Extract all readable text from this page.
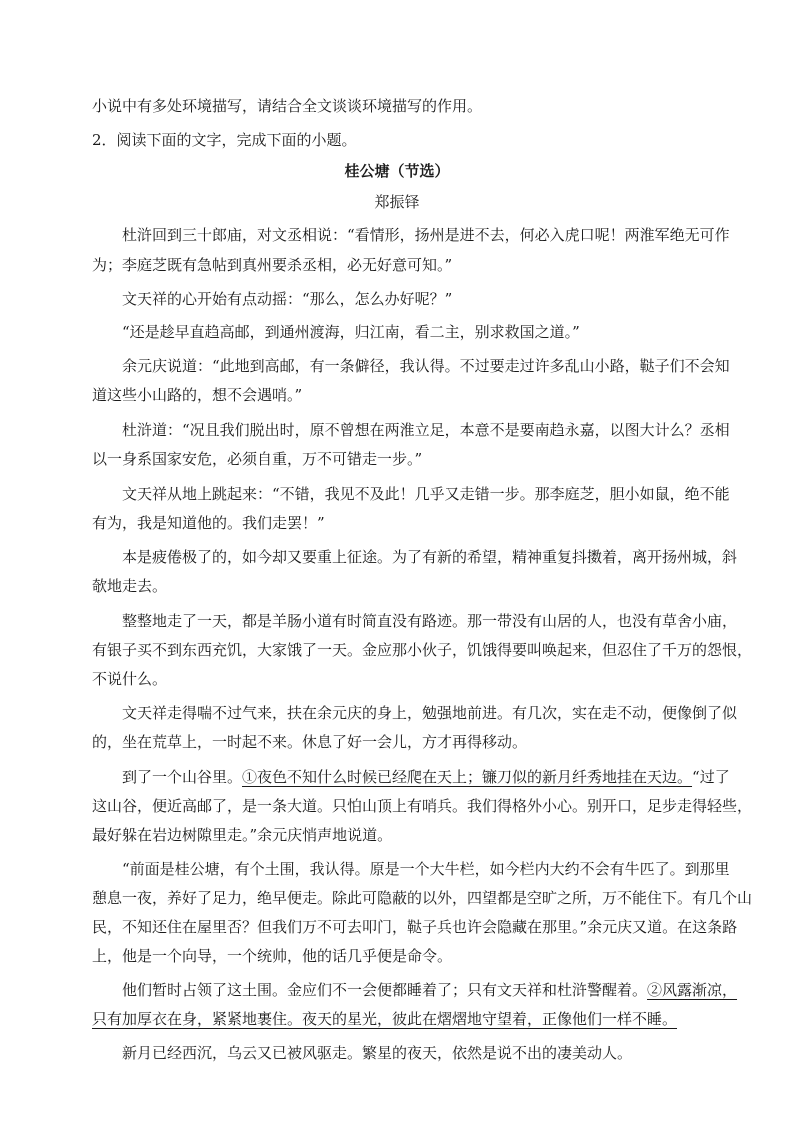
小说中有多处环境描写，请结合全文谈谈环境描写的作用。
2．阅读下面的文字，完成下面的小题。
桂公塘（节选）
郑振铎
杜浒回到三十郎庙，对文丞相说：“看情形，扬州是进不去，何必入虎口呢！两淮军绝无可作
为；李庭芝既有急帖到真州要杀丞相，必无好意可知。”
文天祥的心开始有点动摇：“那么，怎么办好呢？”
“还是趁早直趋高邮，到通州渡海，归江南，看二主，别求救国之道。”
余元庆说道：“此地到高邮，有一条僻径，我认得。不过要走过许多乱山小路，鞑子们不会知
道这些小山路的，想不会遇哨。”
杜浒道：“况且我们脱出时，原不曾想在两淮立足，本意不是要南趋永嘉，以图大计么？丞相
以一身系国家安危，必须自重，万不可错走一步。”
文天祥从地上跳起来：“不错，我见不及此！几乎又走错一步。那李庭芝，胆小如鼠，绝不能
有为，我是知道他的。我们走罢！”
本是疲倦极了的，如今却又要重上征途。为了有新的希望，精神重复抖擞着，离开扬州城，斜
欹地走去。
整整地走了一天，都是羊肠小道有时简直没有路迹。那一带没有山居的人，也没有草舍小庙，
有银子买不到东西充饥，大家饿了一天。金应那小伙子，饥饿得要叫唤起来，但忍住了千万的怨恨，
不说什么。
文天祥走得喘不过气来，扶在余元庆的身上，勉强地前进。有几次，实在走不动，便像倒了似
的，坐在荒草上，一时起不来。休息了好一会儿，方才再得移动。
到了一个山谷里。①夜色不知什么时候已经爬在天上；镰刀似的新月纤秀地挂在天边。“过了
这山谷，便近高邮了，是一条大道。只怕山顶上有哨兵。我们得格外小心。别开口，足步走得轻些，
最好躲在岩边树隙里走。”余元庆悄声地说道。
“前面是桂公塘，有个土围，我认得。原是一个大牛栏，如今栏内大约不会有牛匹了。到那里
憩息一夜，养好了足力，绝早便走。除此可隐蔽的以外，四望都是空旷之所，万不能住下。有几个山
民，不知还住在屋里否？但我们万不可去叩门，鞑子兵也许会隐藏在那里。”余元庆又道。在这条路
上，他是一个向导，一个统帅，他的话几乎便是命令。
他们暂时占领了这土围。金应们不一会便都睡着了；只有文天祥和杜浒警醒着。②风露渐凉，
只有加厚衣在身，紧紧地裹住。夜天的星光，彼此在熠熠地守望着，正像他们一样不睡。
新月已经西沉，乌云又已被风驱走。繁星的夜天，依然是说不出的凄美动人。
